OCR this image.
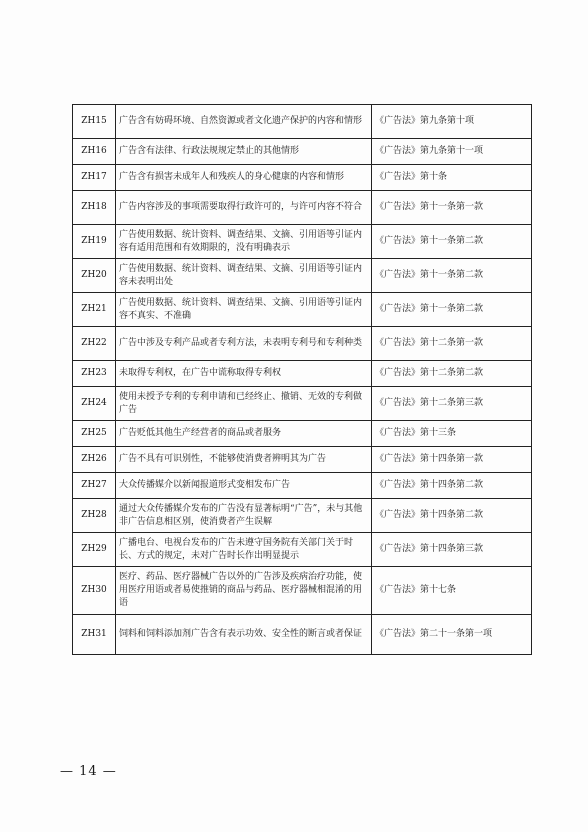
ZH15	广告含有妨碍环境、自然资源或者文化遗产保护的内容和情形	《广告法》第九条第十项
ZH16	广告含有法律、行政法规规定禁止的其他情形	《广告法》第九条第十一项
ZH17	广告含有损害未成年人和残疾人的身心健康的内容和情形	《广告法》第十条
ZH18	广告内容涉及的事项需要取得行政许可的，与许可内容不符合	《广告法》第十一条第一款
ZH19	广告使用数据、统计资料、调查结果、文摘、引用语等引证内容有适用范围和有效期限的，没有明确表示	《广告法》第十一条第二款
ZH20	广告使用数据、统计资料、调查结果、文摘、引用语等引证内容未表明出处	《广告法》第十一条第二款
ZH21	广告使用数据、统计资料、调查结果、文摘、引用语等引证内容不真实、不准确	《广告法》第十一条第二款
ZH22	广告中涉及专利产品或者专利方法，未表明专利号和专利种类	《广告法》第十二条第一款
ZH23	未取得专利权，在广告中谎称取得专利权	《广告法》第十二条第二款
ZH24	使用未授予专利的专利申请和已经终止、撤销、无效的专利做广告	《广告法》第十二条第三款
ZH25	广告贬低其他生产经营者的商品或者服务	《广告法》第十三条
ZH26	广告不具有可识别性，不能够使消费者辨明其为广告	《广告法》第十四条第一款
ZH27	大众传播媒介以新闻报道形式变相发布广告	《广告法》第十四条第二款
ZH28	通过大众传播媒介发布的广告没有显著标明“广告”，未与其他非广告信息相区别，使消费者产生误解	《广告法》第十四条第二款
ZH29	广播电台、电视台发布的广告未遵守国务院有关部门关于时长、方式的规定，未对广告时长作出明显提示	《广告法》第十四条第三款
ZH30	医疗、药品、医疗器械广告以外的广告涉及疾病治疗功能，使用医疗用语或者易使推销的商品与药品、医疗器械相混淆的用语	《广告法》第十七条
ZH31	饲料和饲料添加剂广告含有表示功效、安全性的断言或者保证	《广告法》第二十一条第一项
— 14 —
